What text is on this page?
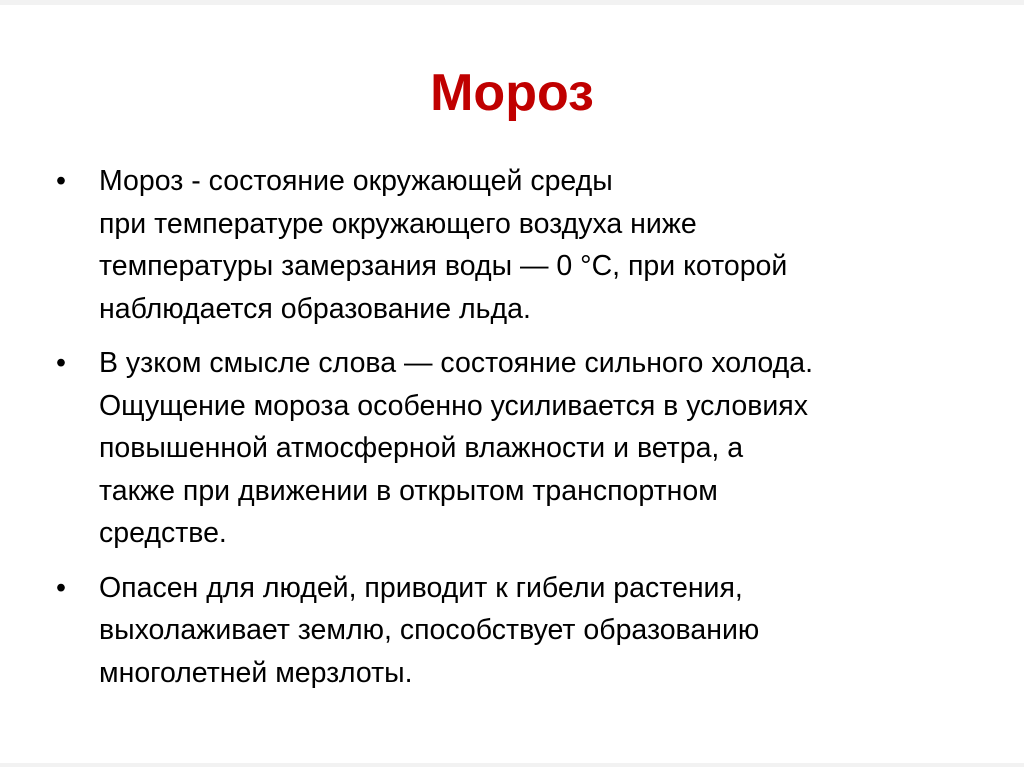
Мороз
• Мороз - состояние окружающей среды
при температуре окружающего воздуха ниже
температуры замерзания воды — 0 °C, при которой
наблюдается образование льда.
• В узком смысле слова — состояние сильного холода.
Ощущение мороза особенно усиливается в условиях
повышенной атмосферной влажности и ветра, а
также при движении в открытом транспортном
средстве.
• Опасен для людей, приводит к гибели растения,
выхолаживает землю, способствует образованию
многолетней мерзлоты.
